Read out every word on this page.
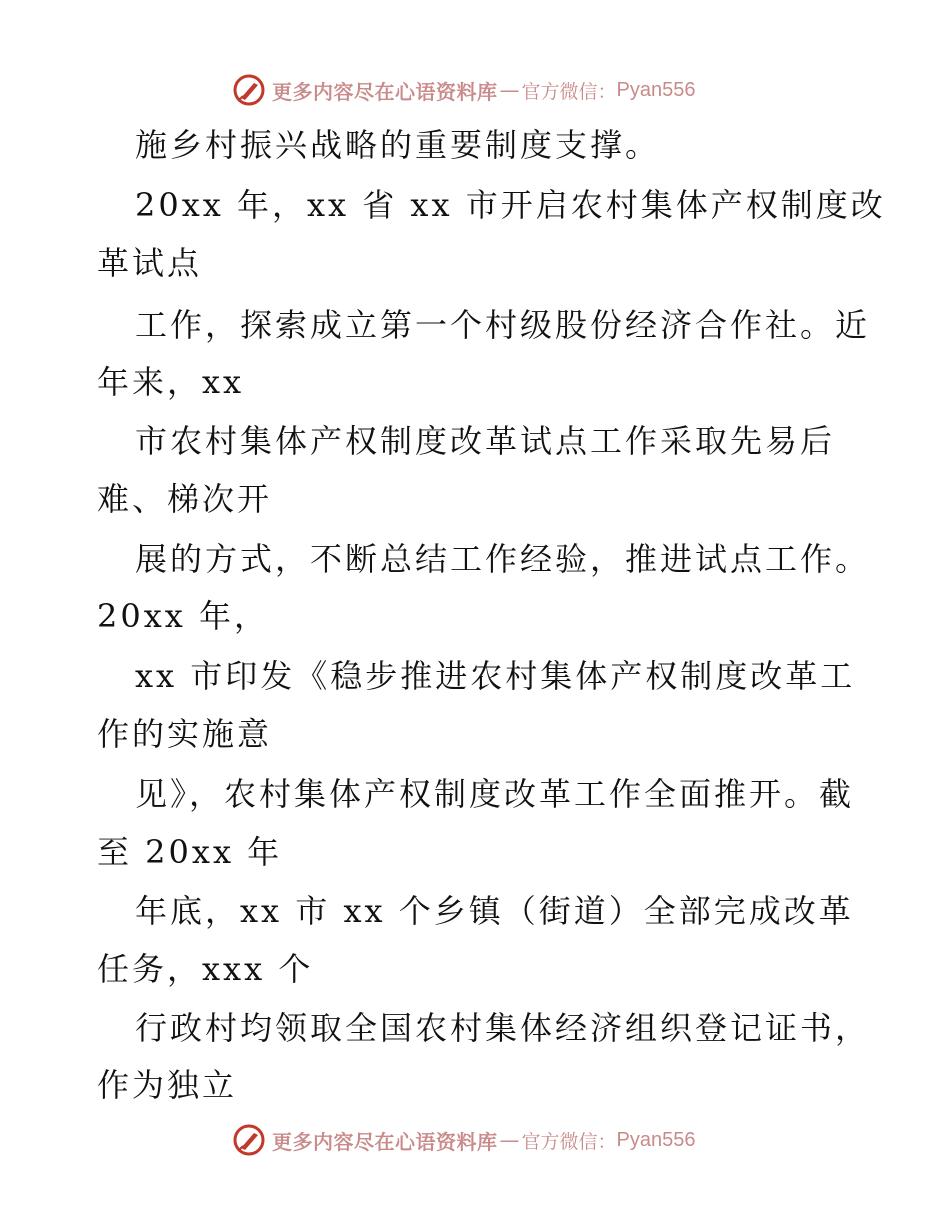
更多内容尽在心语资料库 — 官方微信： Pyan556
施乡村振兴战略的重要制度支撑。
20xx 年，xx 省 xx 市开启农村集体产权制度改
革试点
工作，探索成立第一个村级股份经济合作社。近
年来，xx
市农村集体产权制度改革试点工作采取先易后
难、梯次开
展的方式，不断总结工作经验，推进试点工作。
20xx 年，
xx 市印发《稳步推进农村集体产权制度改革工
作的实施意
见》，农村集体产权制度改革工作全面推开。截
至 20xx 年
年底，xx 市 xx 个乡镇（街道）全部完成改革
任务，xxx 个
行政村均领取全国农村集体经济组织登记证书，
作为独立
更多内容尽在心语资料库 — 官方微信： Pyan556
